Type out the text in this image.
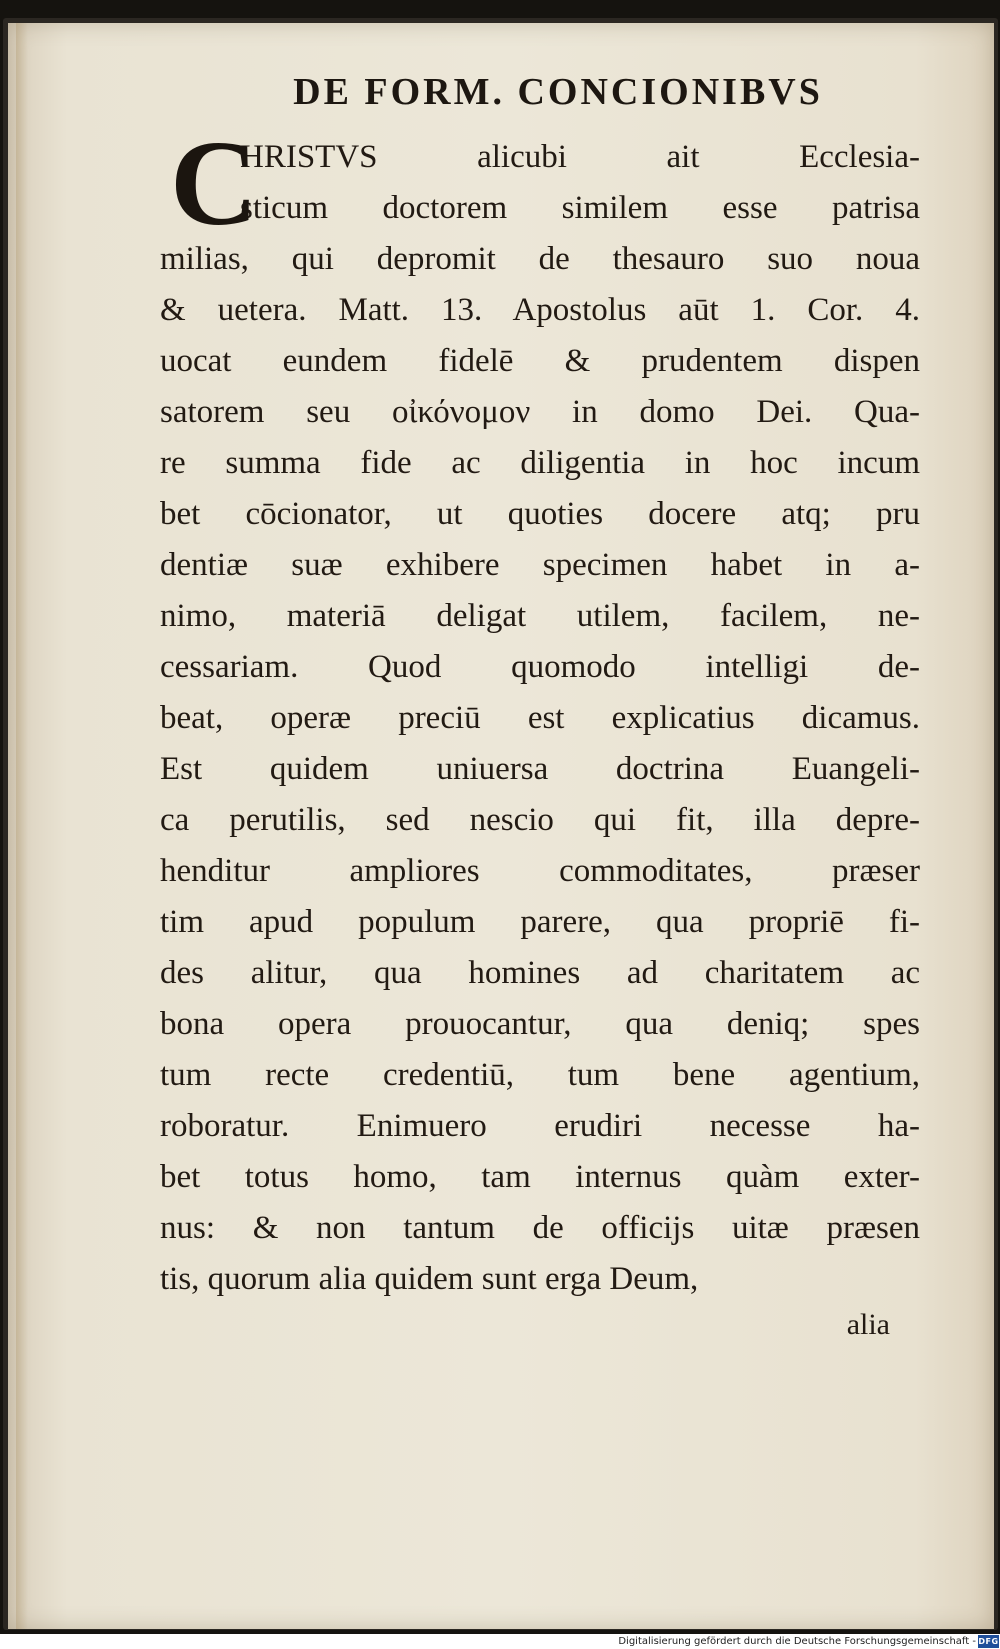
DE FORM. CONCIONIBVS
C
HRISTVS alicubi ait Ecclesia-
sticum doctorem similem esse patrisa
milias, qui depromit de thesauro suo noua
& uetera. Matt. 13. Apostolus aūt 1. Cor. 4.
uocat eundem fidelē & prudentem dispen
satorem seu οἰκόνομον in domo Dei. Qua-
re summa fide ac diligentia in hoc incum
bet cōcionator, ut quoties docere atq; pru
dentiæ suæ exhibere specimen habet in a-
nimo, materiā deligat utilem, facilem, ne-
cessariam. Quod quomodo intelligi de-
beat, operæ preciū est explicatius dicamus.
Est quidem uniuersa doctrina Euangeli-
ca perutilis, sed nescio qui fit, illa depre-
henditur ampliores commoditates, præser
tim apud populum parere, qua propriē fi-
des alitur, qua homines ad charitatem ac
bona opera prouocantur, qua deniq; spes
tum recte credentiū, tum bene agentium,
roboratur. Enimuero erudiri necesse ha-
bet totus homo, tam internus quàm exter-
nus: & non tantum de officijs uitæ præsen
tis, quorum alia quidem sunt erga Deum,
alia
Digitalisierung gefördert durch die Deutsche Forschungsgemeinschaft - DFG
